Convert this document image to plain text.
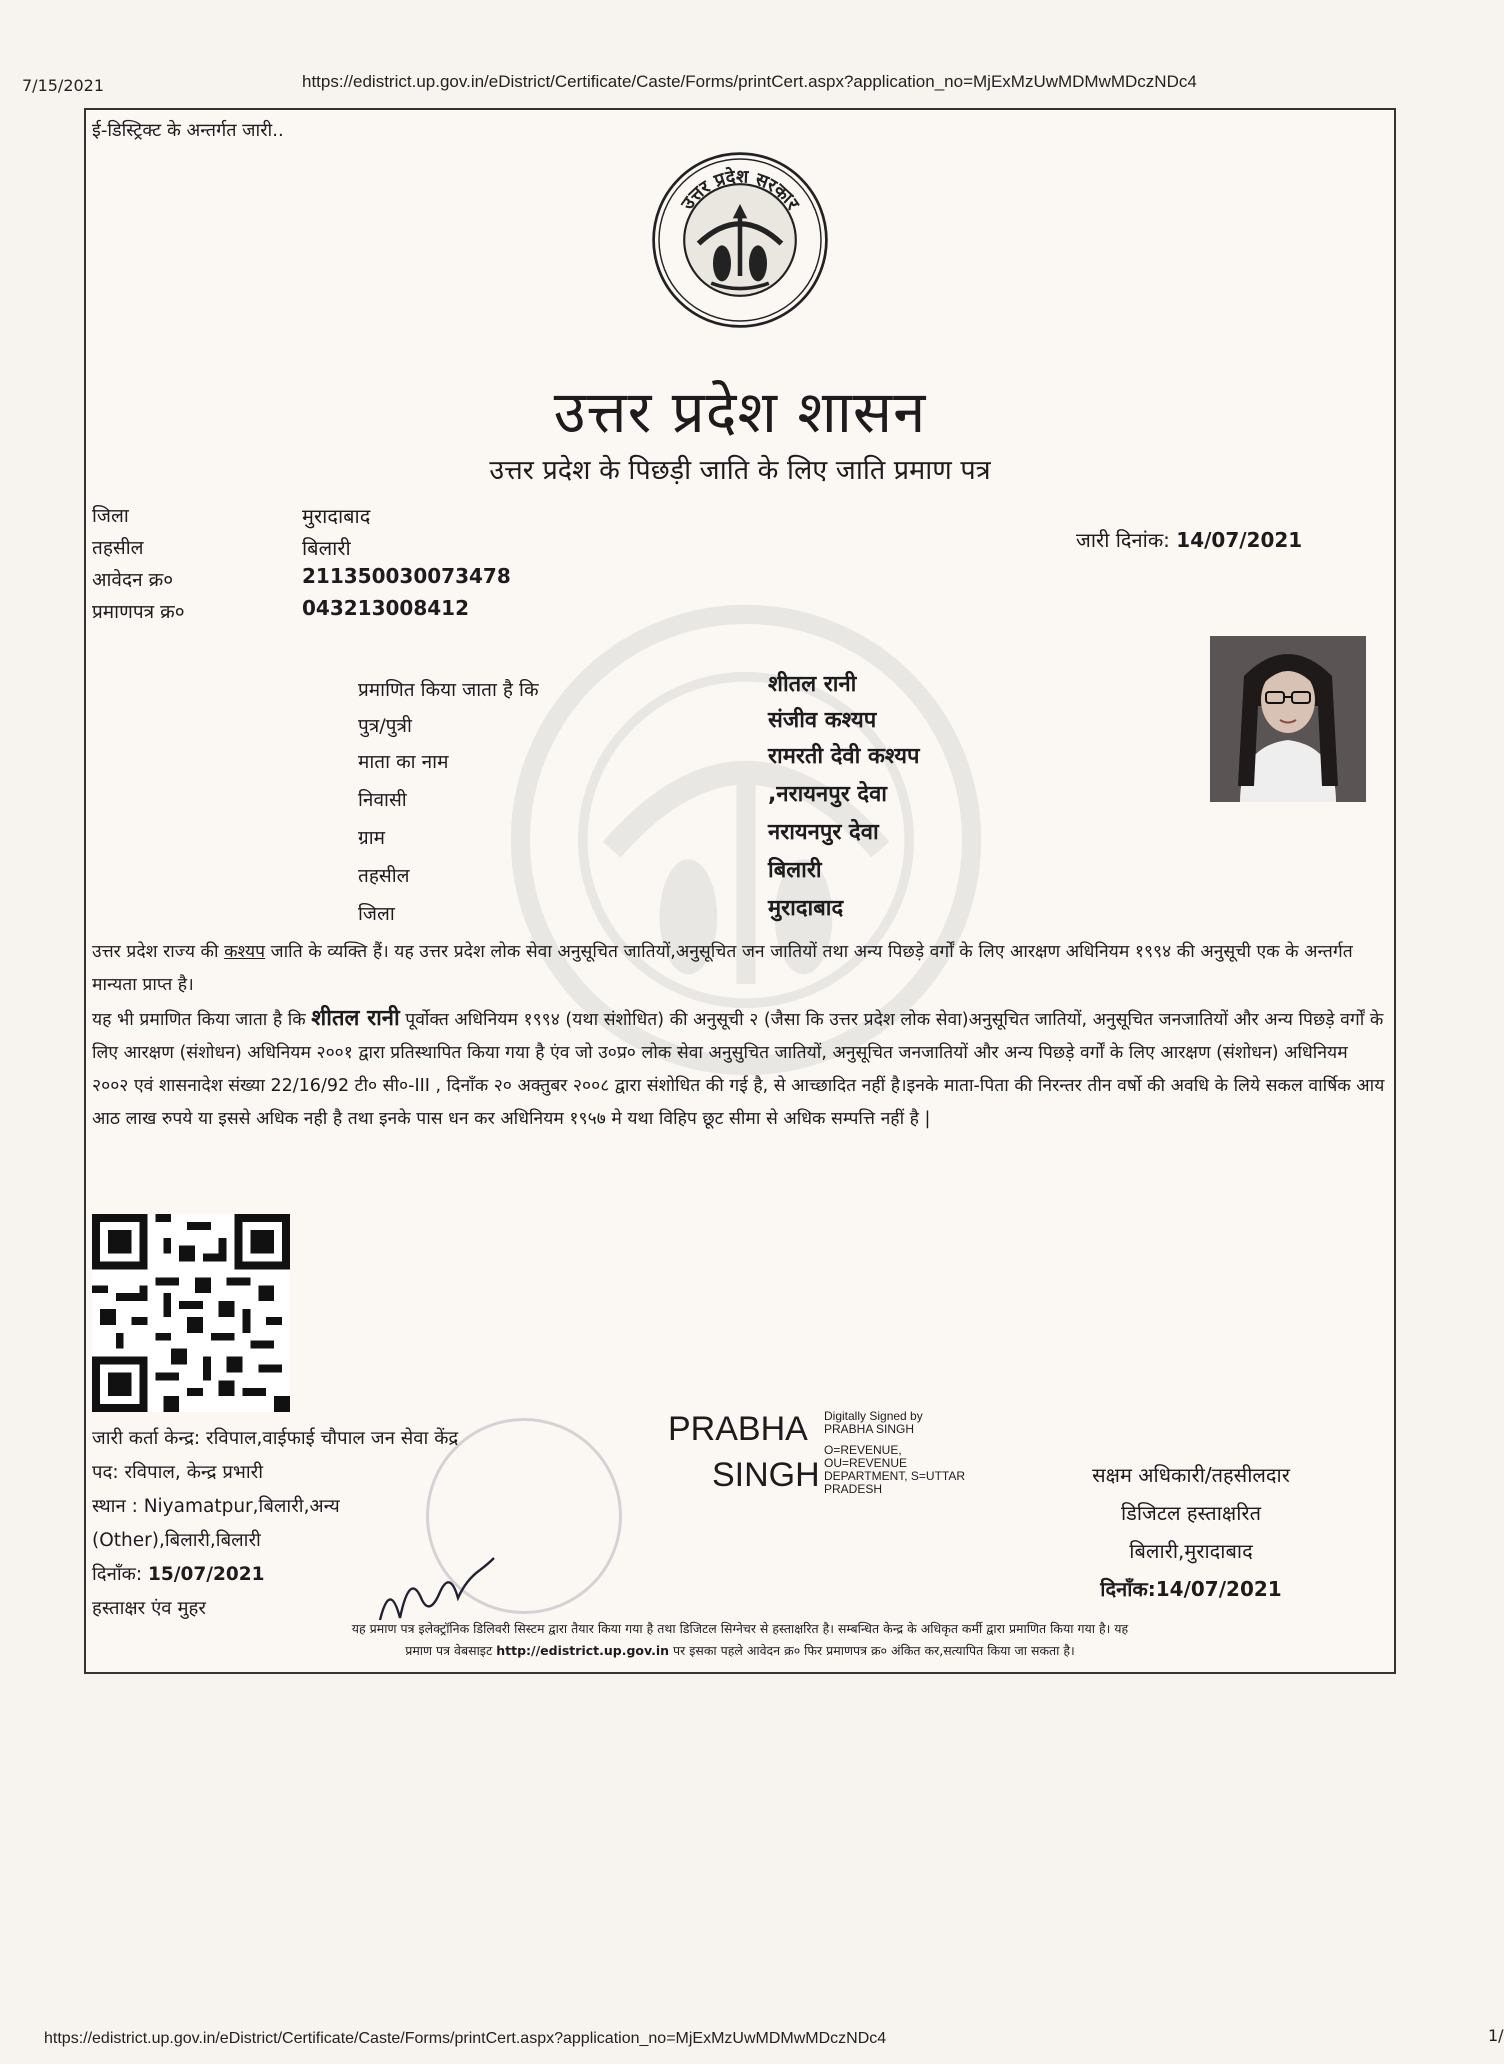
7/15/2021	https://edistrict.up.gov.in/eDistrict/Certificate/Caste/Forms/printCert.aspx?application_no=MjExMzUwMDMwMDczNDc4
ई-डिस्ट्रिक्ट के अन्तर्गत जारी..
उत्तर प्रदेश सरकार
उत्तर प्रदेश शासन
उत्तर प्रदेश के पिछड़ी जाति के लिए जाति प्रमाण पत्र
जिला	मुरादाबाद
तहसील	बिलारी
आवेदन क्र०	211350030073478
प्रमाणपत्र क्र०	043213008412
जारी दिनांक: 14/07/2021
प्रमाणित किया जाता है कि	शीतल रानी
पुत्र/पुत्री	संजीव कश्यप
माता का नाम	रामरती देवी कश्यप
निवासी	,नरायनपुर देवा
ग्राम	नरायनपुर देवा
तहसील	बिलारी
जिला	मुरादाबाद
उत्तर प्रदेश राज्य की कश्यप जाति के व्यक्ति हैं। यह उत्तर प्रदेश लोक सेवा अनुसूचित जातियों,अनुसूचित जन जातियों तथा अन्य पिछड़े वर्गों के लिए आरक्षण अधिनियम १९९४ की अनुसूची एक के अन्तर्गत मान्यता प्राप्त है।
यह भी प्रमाणित किया जाता है कि शीतल रानी पूर्वोक्त अधिनियम १९९४ (यथा संशोधित) की अनुसूची २ (जैसा कि उत्तर प्रदेश लोक सेवा)अनुसूचित जातियों, अनुसूचित जनजातियों और अन्य पिछड़े वर्गों के लिए आरक्षण (संशोधन) अधिनियम २००१ द्वारा प्रतिस्थापित किया गया है एंव जो उ०प्र० लोक सेवा अनुसुचित जातियों, अनुसूचित जनजातियों और अन्य पिछड़े वर्गों के लिए आरक्षण (संशोधन) अधिनियम २००२ एवं शासनादेश संख्या 22/16/92 टी० सी०-III , दिनाँक २० अक्तुबर २००८ द्वारा संशोधित की गई है, से आच्छादित नहीं है।इनके माता-पिता की निरन्तर तीन वर्षो की अवधि के लिये सकल वार्षिक आय आठ लाख रुपये या इससे अधिक नही है तथा इनके पास धन कर अधिनियम १९५७ मे यथा विहिप छूट सीमा से अधिक सम्पत्ति नहीं है |
जारी कर्ता केन्द्र: रविपाल,वाईफाई चौपाल जन सेवा केंद्र
पद: रविपाल, केन्द्र प्रभारी
स्थान : Niyamatpur,बिलारी,अन्य
(Other),बिलारी,बिलारी
दिनाँक: 15/07/2021
हस्ताक्षर एंव मुहर
PRABHA
SINGH
Digitally Signed by
PRABHA SINGH
O=REVENUE,
OU=REVENUE
DEPARTMENT, S=UTTAR
PRADESH
सक्षम अधिकारी/तहसीलदार
डिजिटल हस्ताक्षरित
बिलारी,मुरादाबाद
दिनाँक:14/07/2021
यह प्रमाण पत्र इलेक्ट्रॉनिक डिलिवरी सिस्टम द्वारा तैयार किया गया है तथा डिजिटल सिग्नेचर से हस्ताक्षरित है। सम्बन्धित केन्द्र के अधिकृत कर्मी द्वारा प्रमाणित किया गया है। यह
प्रमाण पत्र वेबसाइट http://edistrict.up.gov.in पर इसका पहले आवेदन क्र० फिर प्रमाणपत्र क्र० अंकित कर,सत्यापित किया जा सकता है।
https://edistrict.up.gov.in/eDistrict/Certificate/Caste/Forms/printCert.aspx?application_no=MjExMzUwMDMwMDczNDc4	1/
